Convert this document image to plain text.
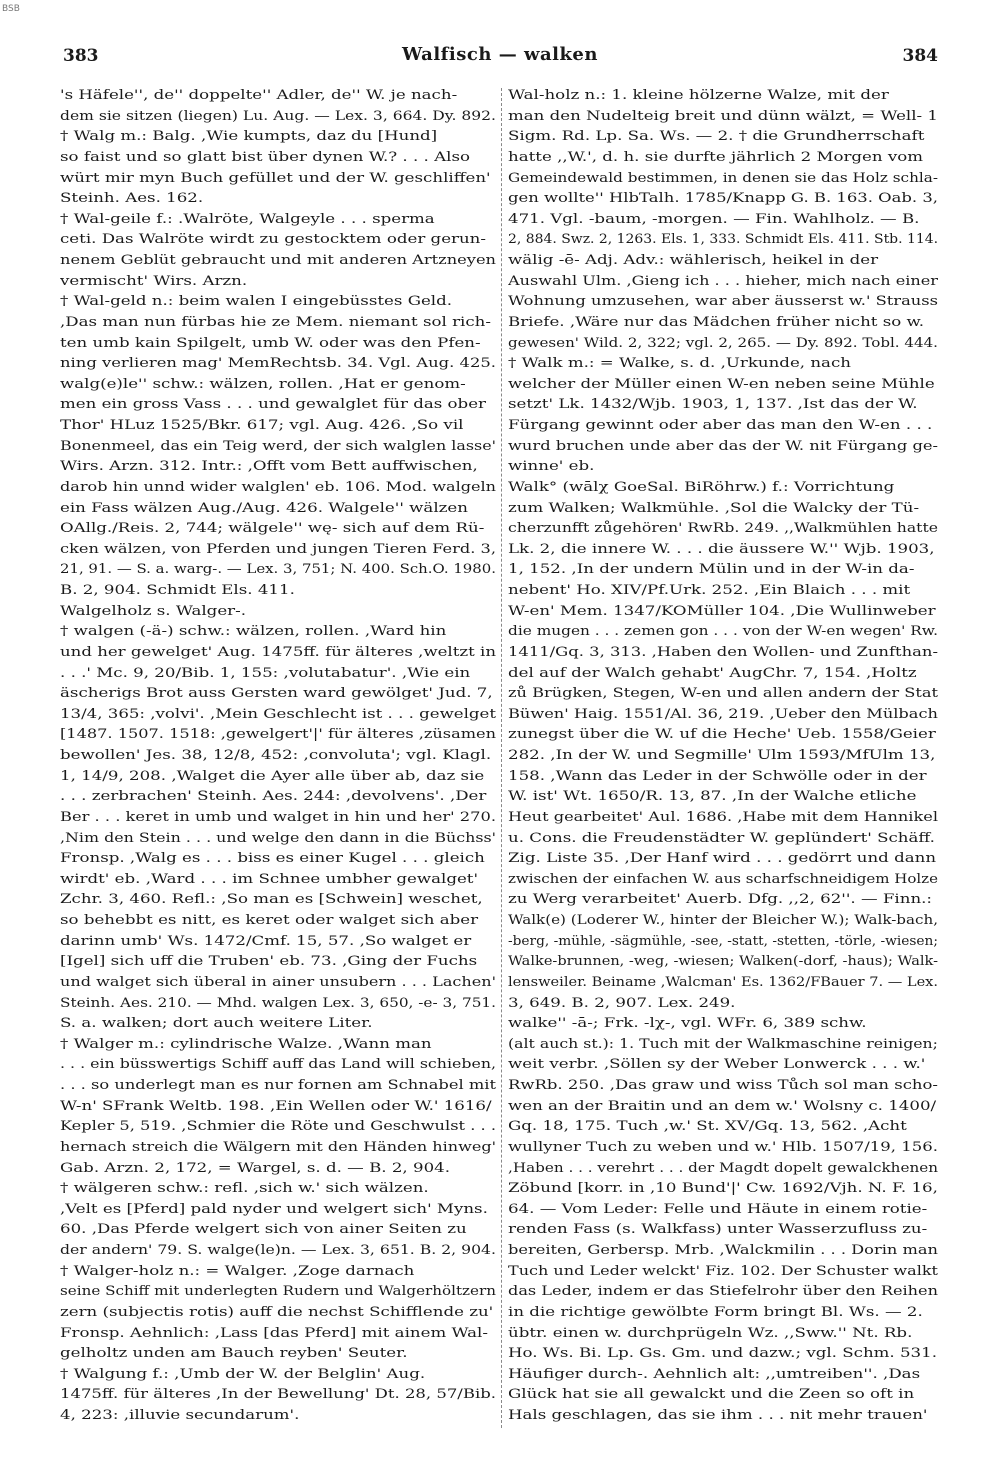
BSB
383	Walfisch — walken	384
's Häfele'', de'' doppelte'' Adler, de'' W. je nach-
dem sie sitzen (liegen) Lu. Aug. — Lex. 3, 664. Dy. 892.
† Walg m.: Balg. ,Wie kumpts, daz du [Hund]
so faist und so glatt bist über dynen W.? . . . Also
würt mir myn Buch gefüllet und der W. geschliffen'
Steinh. Aes. 162.
† Wal-geile f.: .Walröte, Walgeyle . . . sperma
ceti. Das Walröte wirdt zu gestocktem oder gerun-
nenem Geblüt gebraucht und mit anderen Artzneyen
vermischt' Wirs. Arzn.
† Wal-geld n.: beim walen I eingebüsstes Geld.
,Das man nun fürbas hie ze Mem. niemant sol rich-
ten umb kain Spilgelt, umb W. oder was den Pfen-
ning verlieren mag' MemRechtsb. 34. Vgl. Aug. 425.
walg(e)le'' schw.: wälzen, rollen. ,Hat er genom-
men ein gross Vass . . . und gewalglet für das ober
Thor' HLuz 1525/Bkr. 617; vgl. Aug. 426. ,So vil
Bonenmeel, das ein Teig werd, der sich walglen lasse'
Wirs. Arzn. 312. Intr.: ,Offt vom Bett auffwischen,
darob hin unnd wider walglen' eb. 106. Mod. walgeln
ein Fass wälzen Aug./Aug. 426. Walgele'' wälzen
OAllg./Reis. 2, 744; wälgele'' wę- sich auf dem Rü-
cken wälzen, von Pferden und jungen Tieren Ferd. 3,
21, 91. — S. a. warg-. — Lex. 3, 751; N. 400. Sch.O. 1980.
B. 2, 904. Schmidt Els. 411.
Walgelholz s. Walger-.
† walgen (-ä-) schw.: wälzen, rollen. ,Ward hin
und her gewelget' Aug. 1475ff. für älteres ,weltzt in
. . .' Mc. 9, 20/Bib. 1, 155: ,volutabatur'. ,Wie ein
äscherigs Brot auss Gersten ward gewölget' Jud. 7,
13/4, 365: ,volvi'. ,Mein Geschlecht ist . . . gewelget
[1487. 1507. 1518: ,gewelgert'|' für älteres ,züsamen
bewollen' Jes. 38, 12/8, 452: ,convoluta'; vgl. Klagl.
1, 14/9, 208. ,Walget die Ayer alle über ab, daz sie
. . . zerbrachen' Steinh. Aes. 244: ,devolvens'. ,Der
Ber . . . keret in umb und walget in hin und her' 270.
,Nim den Stein . . . und welge den dann in die Büchss'
Fronsp. ,Walg es . . . biss es einer Kugel . . . gleich
wirdt' eb. ,Ward . . . im Schnee umbher gewalget'
Zchr. 3, 460. Refl.: ,So man es [Schwein] weschet,
so behebbt es nitt, es keret oder walget sich aber
darinn umb' Ws. 1472/Cmf. 15, 57. ,So walget er
[Igel] sich uff die Truben' eb. 73. ,Ging der Fuchs
und walget sich überal in ainer unsubern . . . Lachen'
Steinh. Aes. 210. — Mhd. walgen Lex. 3, 650, -e- 3, 751.
S. a. walken; dort auch weitere Liter.
† Walger m.: cylindrische Walze. ,Wann man
. . . ein büsswertigs Schiff auff das Land will schieben,
. . . so underlegt man es nur fornen am Schnabel mit
W-n' SFrank Weltb. 198. ,Ein Wellen oder W.' 1616/
Kepler 5, 519. ,Schmier die Röte und Geschwulst . . .
hernach streich die Wälgern mit den Händen hinweg'
Gab. Arzn. 2, 172, = Wargel, s. d. — B. 2, 904.
† wälgeren schw.: refl. ,sich w.' sich wälzen.
,Velt es [Pferd] pald nyder und welgert sich' Myns.
60. ,Das Pferde welgert sich von ainer Seiten zu
der andern' 79. S. walge(le)n. — Lex. 3, 651. B. 2, 904.
† Walger-holz n.: = Walger. ,Zoge darnach
seine Schiff mit underlegten Rudern und Walgerhöltzern
zern (subjectis rotis) auff die nechst Schifflende zu'
Fronsp. Aehnlich: ,Lass [das Pferd] mit ainem Wal-
gelholtz unden am Bauch reyben' Seuter.
† Walgung f.: ,Umb der W. der Belglin' Aug.
1475ff. für älteres ,In der Bewellung' Dt. 28, 57/Bib.
4, 223: ,illuvie secundarum'.
Wal-holz n.: 1. kleine hölzerne Walze, mit der
man den Nudelteig breit und dünn wälzt, = Well- 1
Sigm. Rd. Lp. Sa. Ws. — 2. † die Grundherrschaft
hatte ,,W.', d. h. sie durfte jährlich 2 Morgen vom
Gemeindewald bestimmen, in denen sie das Holz schla-
gen wollte'' HlbTalh. 1785/Knapp G. B. 163. Oab. 3,
471. Vgl. -baum, -morgen. — Fin. Wahlholz. — B.
2, 884. Swz. 2, 1263. Els. 1, 333. Schmidt Els. 411. Stb. 114.
wälig -ē- Adj. Adv.: wählerisch, heikel in der
Auswahl Ulm. ,Gieng ich . . . hieher, mich nach einer
Wohnung umzusehen, war aber äusserst w.' Strauss
Briefe. ,Wäre nur das Mädchen früher nicht so w.
gewesen' Wild. 2, 322; vgl. 2, 265. — Dy. 892. Tobl. 444.
† Walk m.: = Walke, s. d. ,Urkunde, nach
welcher der Müller einen W-en neben seine Mühle
setzt' Lk. 1432/Wjb. 1903, 1, 137. ,Ist das der W.
Fürgang gewinnt oder aber das man den W-en . . .
wurd bruchen unde aber das der W. nit Fürgang ge-
winne' eb.
Walk° (wālχ GoeSal. BiRöhrw.) f.: Vorrichtung
zum Walken; Walkmühle. ,Sol die Walcky der Tü-
cherzunfft zůgehören' RwRb. 249. ,,Walkmühlen hatte
Lk. 2, die innere W. . . . die äussere W.'' Wjb. 1903,
1, 152. ,In der undern Mülin und in der W-in da-
nebent' Ho. XIV/Pf.Urk. 252. ,Ein Blaich . . . mit
W-en' Mem. 1347/KOMüller 104. ,Die Wullinweber
die mugen . . . zemen gon . . . von der W-en wegen' Rw.
1411/Gq. 3, 313. ,Haben den Wollen- und Zunfthan-
del auf der Walch gehabt' AugChr. 7, 154. ,Holtz
zů Brügken, Stegen, W-en und allen andern der Stat
Büwen' Haig. 1551/Al. 36, 219. ,Ueber den Mülbach
zunegst über die W. uf die Heche' Ueb. 1558/Geier
282. ,In der W. und Segmille' Ulm 1593/MfUlm 13,
158. ,Wann das Leder in der Schwölle oder in der
W. ist' Wt. 1650/R. 13, 87. ,In der Walche etliche
Heut gearbeitet' Aul. 1686. ,Habe mit dem Hannikel
u. Cons. die Freudenstädter W. geplündert' Schäff.
Zig. Liste 35. ,Der Hanf wird . . . gedörrt und dann
zwischen der einfachen W. aus scharfschneidigem Holze
zu Werg verarbeitet' Auerb. Dfg. ,,2, 62''. — Finn.:
Walk(e) (Loderer W., hinter der Bleicher W.); Walk-bach,
-berg, -mühle, -sägmühle, -see, -statt, -stetten, -törle, -wiesen;
Walke-brunnen, -weg, -wiesen; Walken(-dorf, -haus); Walk-
lensweiler. Beiname ,Walcman' Es. 1362/FBauer 7. — Lex.
3, 649. B. 2, 907. Lex. 249.
walke'' -ā-; Frk. -lχ-, vgl. WFr. 6, 389 schw.
(alt auch st.): 1. Tuch mit der Walkmaschine reinigen;
weit verbr. ,Söllen sy der Weber Lonwerck . . . w.'
RwRb. 250. ,Das graw und wiss Tůch sol man scho-
wen an der Braitin und an dem w.' Wolsny c. 1400/
Gq. 18, 175. Tuch ,w.' St. XV/Gq. 13, 562. ,Acht
wullyner Tuch zu weben und w.' Hlb. 1507/19, 156.
,Haben . . . verehrt . . . der Magdt dopelt gewalckhenen
Zöbund [korr. in ,10 Bund'|' Cw. 1692/Vjh. N. F. 16,
64. — Vom Leder: Felle und Häute in einem rotie-
renden Fass (s. Walkfass) unter Wasserzufluss zu-
bereiten, Gerbersp. Mrb. ,Walckmilin . . . Dorin man
Tuch und Leder welckt' Fiz. 102. Der Schuster walkt
das Leder, indem er das Stiefelrohr über den Reihen
in die richtige gewölbte Form bringt Bl. Ws. — 2.
übtr. einen w. durchprügeln Wz. ,,Sww.'' Nt. Rb.
Ho. Ws. Bi. Lp. Gs. Gm. und dazw.; vgl. Schm. 531.
Häufiger durch-. Aehnlich alt: ,,umtreiben''. ,Das
Glück hat sie all gewalckt und die Zeen so oft in
Hals geschlagen, das sie ihm . . . nit mehr trauen'
